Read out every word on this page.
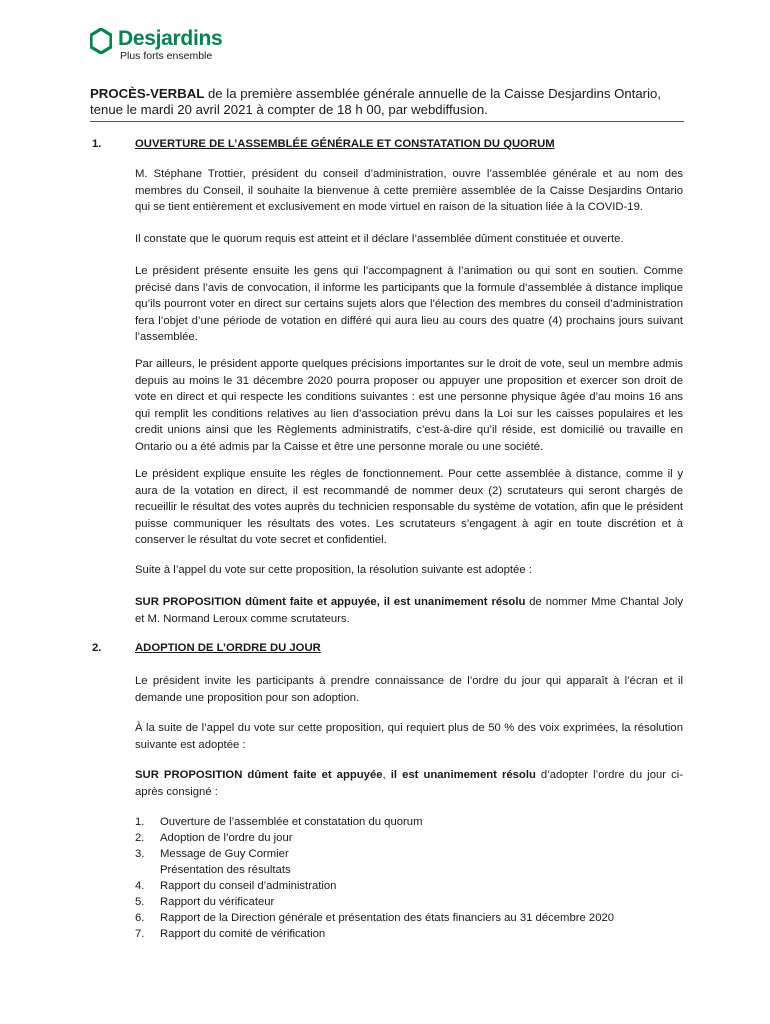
Desjardins
Plus forts ensemble
PROCÈS-VERBAL de la première assemblée générale annuelle de la Caisse Desjardins Ontario, tenue le mardi 20 avril 2021 à compter de 18 h 00, par webdiffusion.
1.	OUVERTURE DE L’ASSEMBLÉE GÉNÉRALE ET CONSTATATION DU QUORUM
M. Stéphane Trottier, président du conseil d’administration, ouvre l’assemblée générale et au nom des membres du Conseil, il souhaite la bienvenue à cette première assemblée de la Caisse Desjardins Ontario qui se tient entièrement et exclusivement en mode virtuel en raison de la situation liée à la COVID-19.
Il constate que le quorum requis est atteint et il déclare l’assemblée dûment constituée et ouverte.
Le président présente ensuite les gens qui l’accompagnent à l’animation ou qui sont en soutien. Comme précisé dans l’avis de convocation, il informe les participants que la formule d’assemblée à distance implique qu’ils pourront voter en direct sur certains sujets alors que l’élection des membres du conseil d’administration fera l’objet d’une période de votation en différé qui aura lieu au cours des quatre (4) prochains jours suivant l’assemblée.
Par ailleurs, le président apporte quelques précisions importantes sur le droit de vote, seul un membre admis depuis au moins le 31 décembre 2020 pourra proposer ou appuyer une proposition et exercer son droit de vote en direct et qui respecte les conditions suivantes : est une personne physique âgée d’au moins 16 ans qui remplit les conditions relatives au lien d’association prévu dans la Loi sur les caisses populaires et les credit unions ainsi que les Règlements administratifs, c’est-à-dire qu’il réside, est domicilié ou travaille en Ontario ou a été admis par la Caisse et être une personne morale ou une société.
Le président explique ensuite les règles de fonctionnement. Pour cette assemblée à distance, comme il y aura de la votation en direct, il est recommandé de nommer deux (2) scrutateurs qui seront chargés de recueillir le résultat des votes auprès du technicien responsable du système de votation, afin que le président puisse communiquer les résultats des votes. Les scrutateurs s’engagent à agir en toute discrétion et à conserver le résultat du vote secret et confidentiel.
Suite à l’appel du vote sur cette proposition, la résolution suivante est adoptée :
SUR PROPOSITION dûment faite et appuyée, il est unanimement résolu de nommer Mme Chantal Joly et M. Normand Leroux comme scrutateurs.
2.	ADOPTION DE L’ORDRE DU JOUR
Le président invite les participants à prendre connaissance de l’ordre du jour qui apparaît à l’écran et il demande une proposition pour son adoption.
À la suite de l’appel du vote sur cette proposition, qui requiert plus de 50 % des voix exprimées, la résolution suivante est adoptée :
SUR PROPOSITION dûment faite et appuyée, il est unanimement résolu d’adopter l’ordre du jour ci-après consigné :
1.	Ouverture de l’assemblée et constatation du quorum
2.	Adoption de l’ordre du jour
3.	Message de Guy Cormier
Présentation des résultats
4.	Rapport du conseil d’administration
5.	Rapport du vérificateur
6.	Rapport de la Direction générale et présentation des états financiers au 31 décembre 2020
7.	Rapport du comité de vérification
